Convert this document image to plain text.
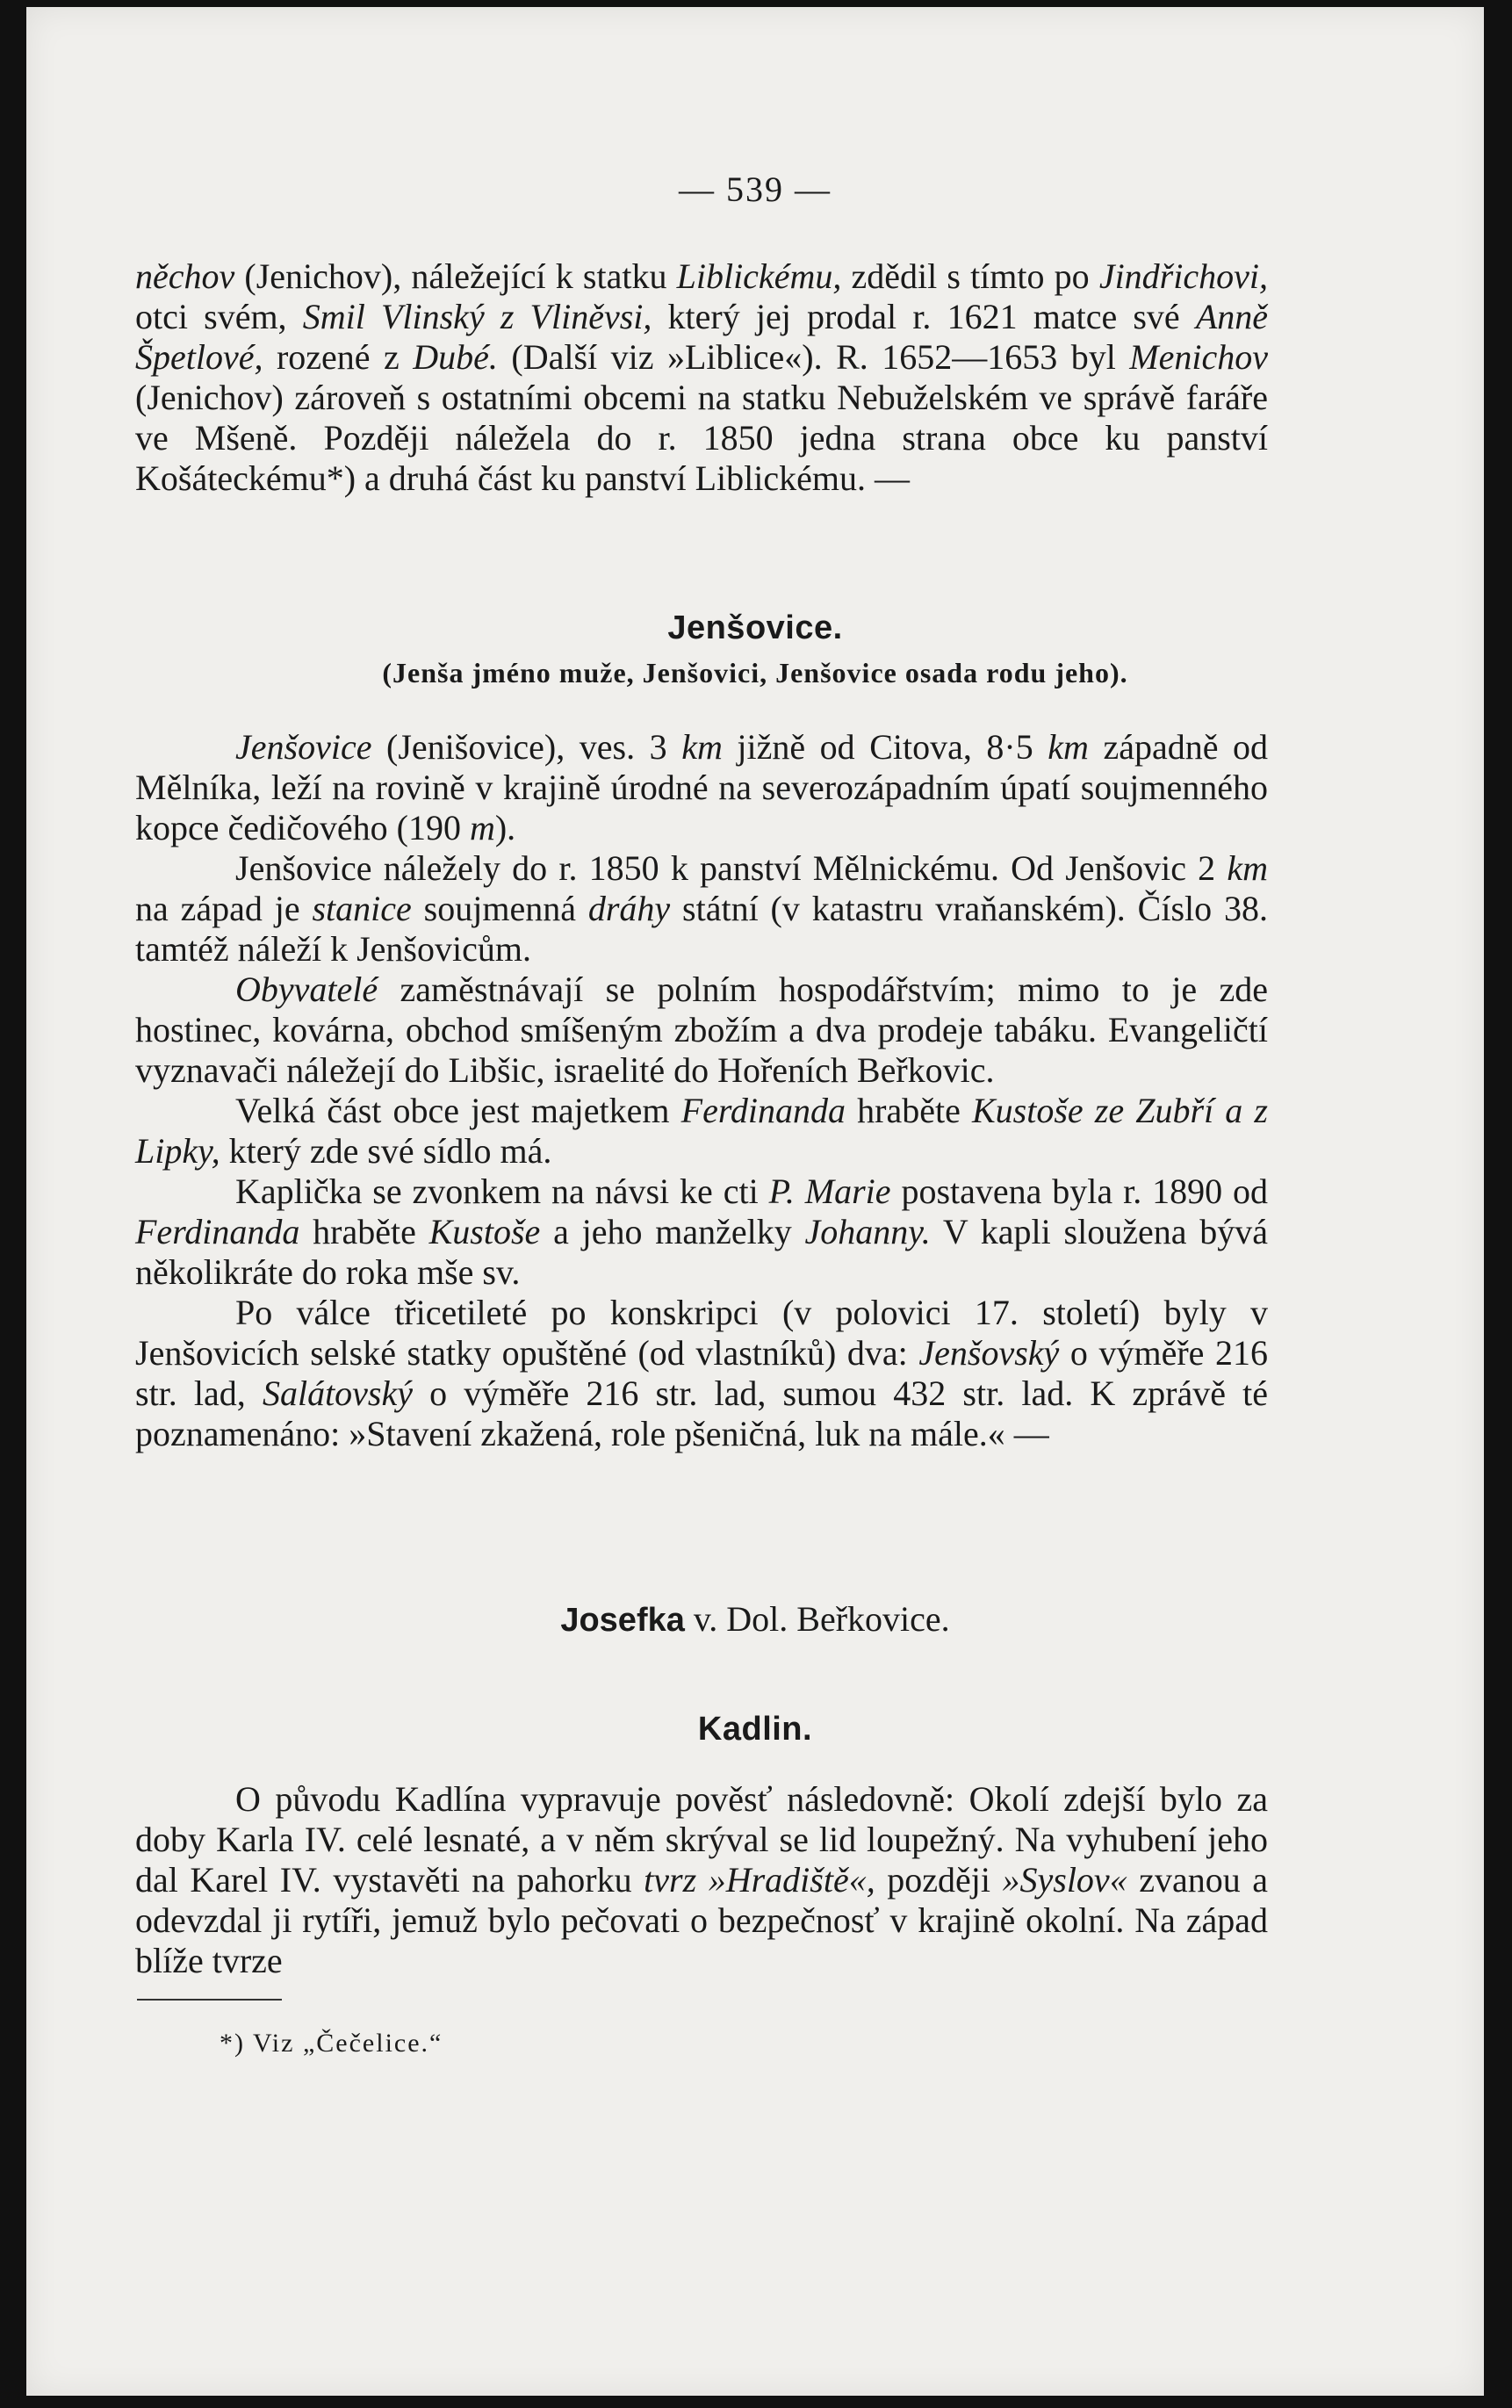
— 539 —

něchov (Jenichov), náležející k statku Liblickému, zdědil s tímto po Jindřichovi, otci svém, Smil Vlinský z Vliněvsi, který jej prodal r. 1621 matce své Anně Špetlové, rozené z Dubé. (Další viz »Liblice«). R. 1652—1653 byl Menichov (Jenichov) zároveň s ostatními obcemi na statku Nebuželském ve správě faráře ve Mšeně. Později náležela do r. 1850 jedna strana obce ku panství Košáteckému*) a druhá část ku panství Liblickému. —

Jenšovice.
(Jenša jméno muže, Jenšovici, Jenšovice osada rodu jeho).

Jenšovice (Jenišovice), ves. 3 km jižně od Citova, 8·5 km západně od Mělníka, leží na rovině v krajině úrodné na severozápadním úpatí soujmenného kopce čedičového (190 m).

Jenšovice náležely do r. 1850 k panství Mělnickému. Od Jenšovic 2 km na západ je stanice soujmenná dráhy státní (v katastru vraňanském). Číslo 38. tamtéž náleží k Jenšovicům.

Obyvatelé zaměstnávají se polním hospodářstvím; mimo to je zde hostinec, kovárna, obchod smíšeným zbožím a dva prodeje tabáku. Evangeličtí vyznavači náležejí do Libšic, israelité do Hořeních Beřkovic.

Velká část obce jest majetkem Ferdinanda hraběte Kustoše ze Zubří a z Lipky, který zde své sídlo má.

Kaplička se zvonkem na návsi ke cti P. Marie postavena byla r. 1890 od Ferdinanda hraběte Kustoše a jeho manželky Johanny. V kapli sloužena bývá několikráte do roka mše sv.

Po válce třicetileté po konskripci (v polovici 17. století) byly v Jenšovicích selské statky opuštěné (od vlastníků) dva: Jenšovský o výměře 216 str. lad, Salátovský o výměře 216 str. lad, sumou 432 str. lad. K zprávě té poznamenáno: »Stavení zkažená, role pšeničná, luk na mále.« —

Josefka v. Dol. Beřkovice.
Kadlin.

O původu Kadlína vypravuje pověsť následovně: Okolí zdejší bylo za doby Karla IV. celé lesnaté, a v něm skrýval se lid loupežný. Na vyhubení jeho dal Karel IV. vystavěti na pahorku tvrz »Hradiště«, později »Syslov« zvanou a odevzdal ji rytíři, jemuž bylo pečovati o bezpečnosť v krajině okolní. Na západ blíže tvrze

*) Viz „Čečelice.“
